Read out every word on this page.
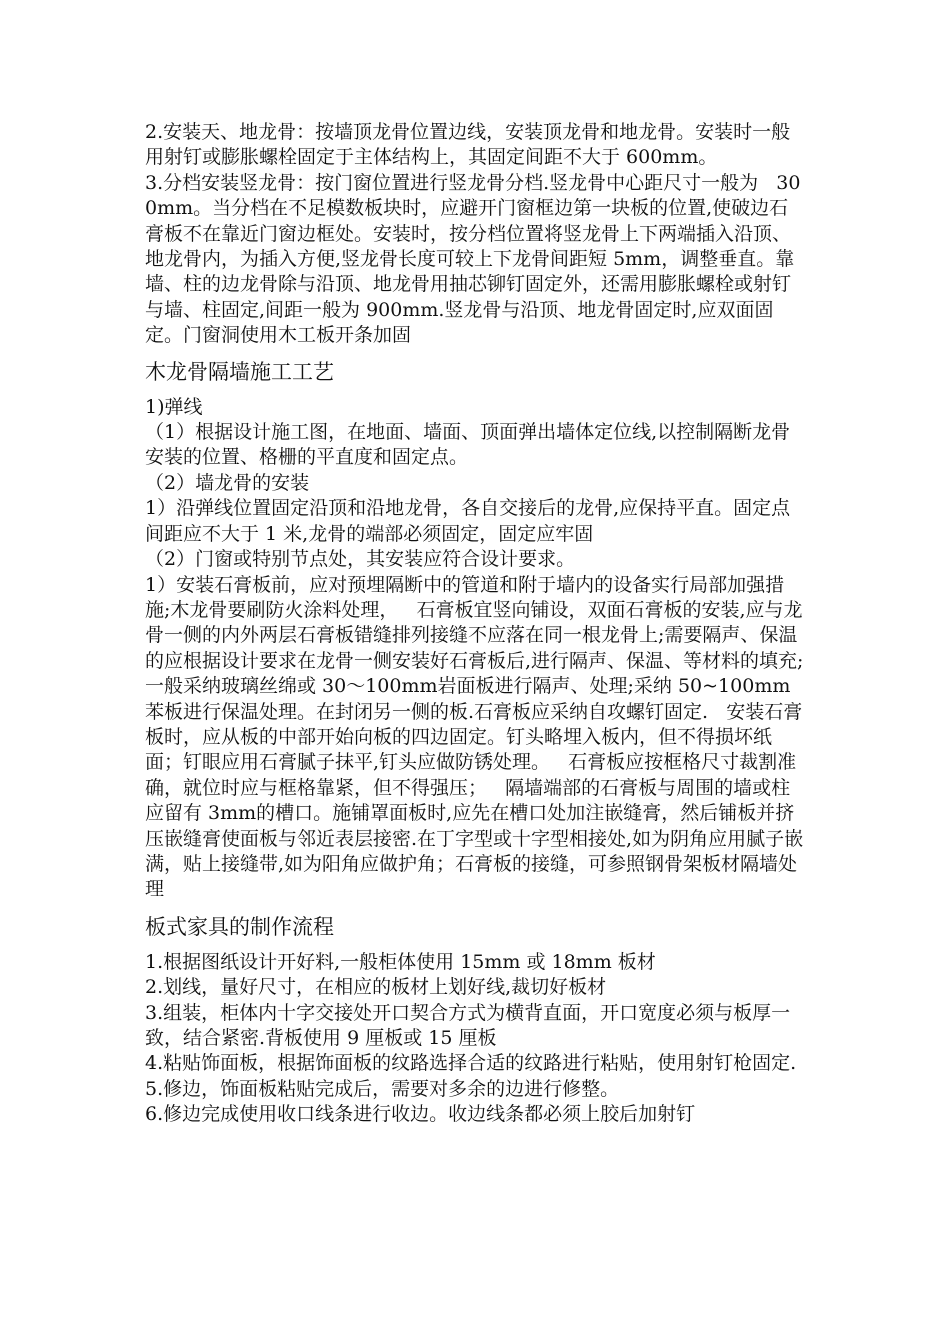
2.安装天、地龙骨：按墙顶龙骨位置边线，安装顶龙骨和地龙骨。安装时一般用射钉或膨胀螺栓固定于主体结构上，其固定间距不大于 600mm。

3.分档安装竖龙骨：按门窗位置进行竖龙骨分档.竖龙骨中心距尺寸一般为   300mm。当分档在不足模数板块时，应避开门窗框边第一块板的位置,使破边石膏板不在靠近门窗边框处。安装时，按分档位置将竖龙骨上下两端插入沿顶、地龙骨内，为插入方便,竖龙骨长度可较上下龙骨间距短 5mm，调整垂直。靠墙、柱的边龙骨除与沿顶、地龙骨用抽芯铆钉固定外，还需用膨胀螺栓或射钉与墙、柱固定,间距一般为 900mm.竖龙骨与沿顶、地龙骨固定时,应双面固定。门窗洞使用木工板开条加固

木龙骨隔墙施工工艺

1)弹线

（1）根据设计施工图，在地面、墙面、顶面弹出墙体定位线,以控制隔断龙骨安装的位置、格栅的平直度和固定点。

（2）墙龙骨的安装

1）沿弹线位置固定沿顶和沿地龙骨，各自交接后的龙骨,应保持平直。固定点间距应不大于 1 米,龙骨的端部必须固定，固定应牢固

（2）门窗或特别节点处，其安装应符合设计要求。

1）安装石膏板前，应对预埋隔断中的管道和附于墙内的设备实行局部加强措施;木龙骨要刷防火涂料处理，   石膏板宜竖向铺设，双面石膏板的安装,应与龙骨一侧的内外两层石膏板错缝排列接缝不应落在同一根龙骨上;需要隔声、保温的应根据设计要求在龙骨一侧安装好石膏板后,进行隔声、保温、等材料的填充;一般采纳玻璃丝绵或 30～100mm岩面板进行隔声、处理;采纳 50~100mm苯板进行保温处理。在封闭另一侧的板.石膏板应采纳自攻螺钉固定.   安装石膏板时，应从板的中部开始向板的四边固定。钉头略埋入板内，但不得损坏纸面；钉眼应用石膏腻子抹平,钉头应做防锈处理。   石膏板应按框格尺寸裁割准确，就位时应与框格靠紧，但不得强压；   隔墙端部的石膏板与周围的墙或柱应留有 3mm的槽口。施铺罩面板时,应先在槽口处加注嵌缝膏，然后铺板并挤压嵌缝膏使面板与邻近表层接密.在丁字型或十字型相接处,如为阴角应用腻子嵌满，贴上接缝带,如为阳角应做护角；石膏板的接缝，可参照钢骨架板材隔墙处理

板式家具的制作流程

1.根据图纸设计开好料,一般柜体使用 15mm 或 18mm 板材

2.划线，量好尺寸，在相应的板材上划好线,裁切好板材

3.组装，柜体内十字交接处开口契合方式为横背直面，开口宽度必须与板厚一致，结合紧密.背板使用 9 厘板或 15 厘板

4.粘贴饰面板，根据饰面板的纹路选择合适的纹路进行粘贴，使用射钉枪固定.

5.修边，饰面板粘贴完成后，需要对多余的边进行修整。

6.修边完成使用收口线条进行收边。收边线条都必须上胶后加射钉
